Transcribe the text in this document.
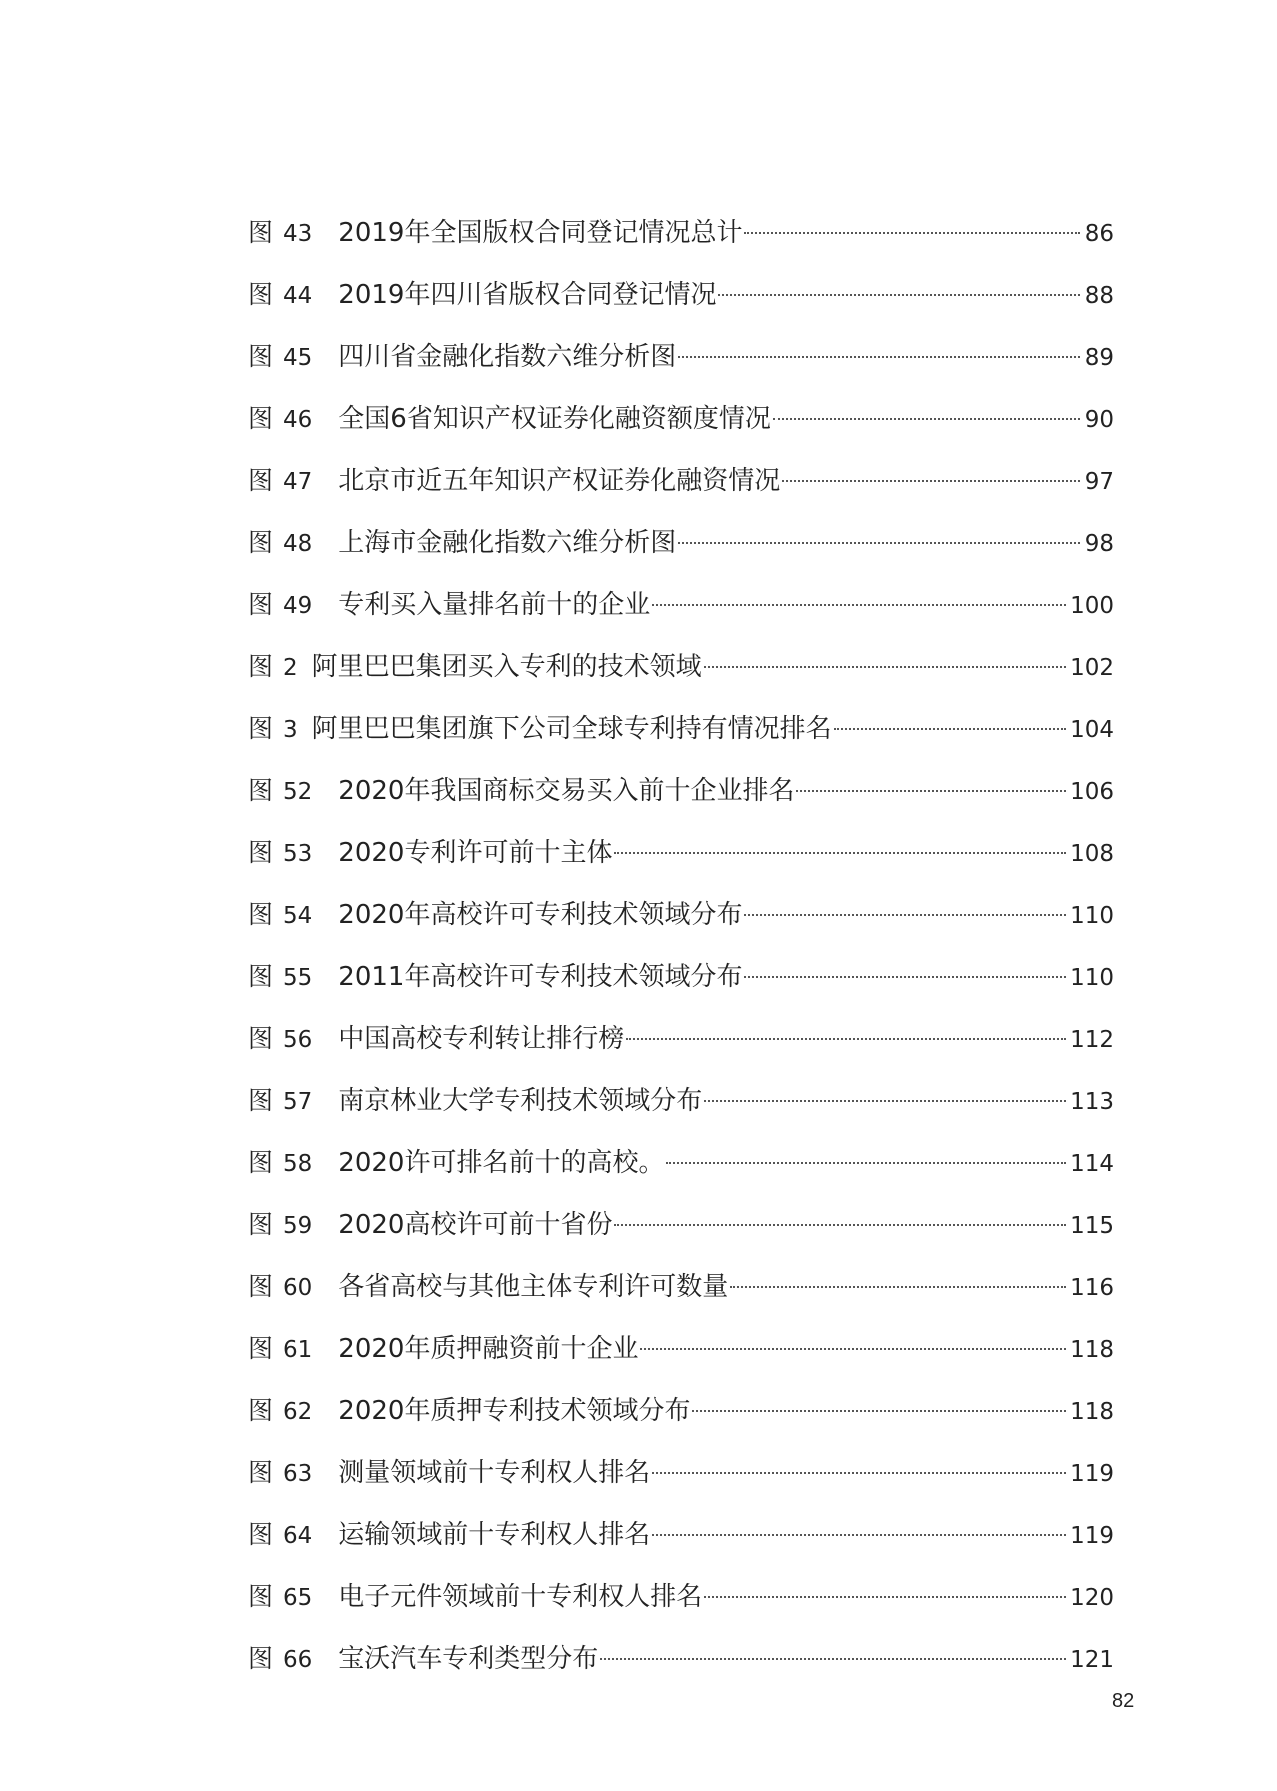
图 43 2019年全国版权合同登记情况总计	86
图 44 2019年四川省版权合同登记情况	88
图 45 四川省金融化指数六维分析图	89
图 46 全国6省知识产权证券化融资额度情况	90
图 47 北京市近五年知识产权证券化融资情况	97
图 48 上海市金融化指数六维分析图	98
图 49 专利买入量排名前十的企业	100
图 2 阿里巴巴集团买入专利的技术领域	102
图 3 阿里巴巴集团旗下公司全球专利持有情况排名	104
图 52 2020年我国商标交易买入前十企业排名	106
图 53 2020专利许可前十主体	108
图 54 2020年高校许可专利技术领域分布	110
图 55 2011年高校许可专利技术领域分布	110
图 56 中国高校专利转让排行榜	112
图 57 南京林业大学专利技术领域分布	113
图 58 2020许可排名前十的高校。	114
图 59 2020高校许可前十省份	115
图 60 各省高校与其他主体专利许可数量	116
图 61 2020年质押融资前十企业	118
图 62 2020年质押专利技术领域分布	118
图 63 测量领域前十专利权人排名	119
图 64 运输领域前十专利权人排名	119
图 65 电子元件领域前十专利权人排名	120
图 66 宝沃汽车专利类型分布	121
82
